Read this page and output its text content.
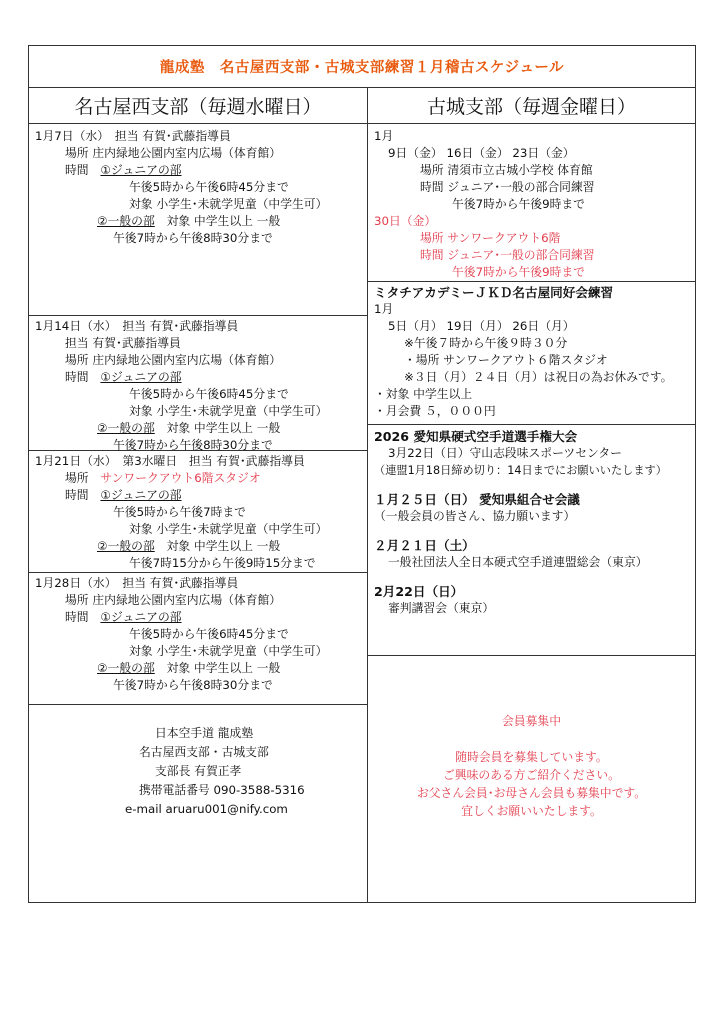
龍成塾　名古屋西支部・古城支部練習１月稽古スケジュール
名古屋西支部（毎週水曜日）	古城支部（毎週金曜日）
1月7日（水）　 担当 有賀･武藤指導員
場所 庄内緑地公園内室内広場（体育館）
時間　 ①ジュニアの部
午後5時から午後6時45分まで
対象 小学生･未就学児童（中学生可）
②一般の部　 対象 中学生以上 一般
午後7時から午後8時30分まで
1月14日（水）　 担当 有賀･武藤指導員
担当 有賀･武藤指導員
場所 庄内緑地公園内室内広場（体育館）
時間　 ①ジュニアの部
午後5時から午後6時45分まで
対象 小学生･未就学児童（中学生可）
②一般の部　 対象 中学生以上 一般
午後7時から午後8時30分まで
1月21日（水）　 第3水曜日　 担当 有賀･武藤指導員
場所　 サンワークアウト6階スタジオ
時間　 ①ジュニアの部
午後5時から午後7時まで
対象 小学生･未就学児童（中学生可）
②一般の部　 対象 中学生以上 一般
午後7時15分から午後9時15分まで
1月28日（水）　 担当 有賀･武藤指導員
場所 庄内緑地公園内室内広場（体育館）
時間　 ①ジュニアの部
午後5時から午後6時45分まで
対象 小学生･未就学児童（中学生可）
②一般の部　 対象 中学生以上 一般
午後7時から午後8時30分まで
日本空手道 龍成塾
名古屋西支部・古城支部
支部長 有賀正孝
携帯電話番号 090-3588-5316
e-mail aruaru001@nify.com
1月
9日（金） 16日（金） 23日（金）
場所 清須市立古城小学校 体育館
時間 ジュニア･一般の部合同練習
午後7時から午後9時まで
30日（金）
場所 サンワークアウト6階
時間 ジュニア･一般の部合同練習
午後7時から午後9時まで
ミタチアカデミーＪＫＤ名古屋同好会練習
1月
5日（月） 19日（月） 26日（月）
※午後７時から午後９時３０分
・場所 サンワークアウト６階スタジオ
※３日（月）２４日（月）は祝日の為お休みです。
・対象 中学生以上
・月会費 ５，０００円
2026 愛知県硬式空手道選手権大会
3月22日（日）守山志段味スポーツセンター
（連盟1月18日締め切り：14日までにお願いいたします）
１月２５日（日） 愛知県組合せ会議
（一般会員の皆さん、協力願います）
２月２１日（土）
一般社団法人全日本硬式空手道連盟総会（東京）
2月22日（日）
審判講習会（東京）
会員募集中
随時会員を募集しています。
ご興味のある方ご紹介ください。
お父さん会員･お母さん会員も募集中です。
宜しくお願いいたします。
